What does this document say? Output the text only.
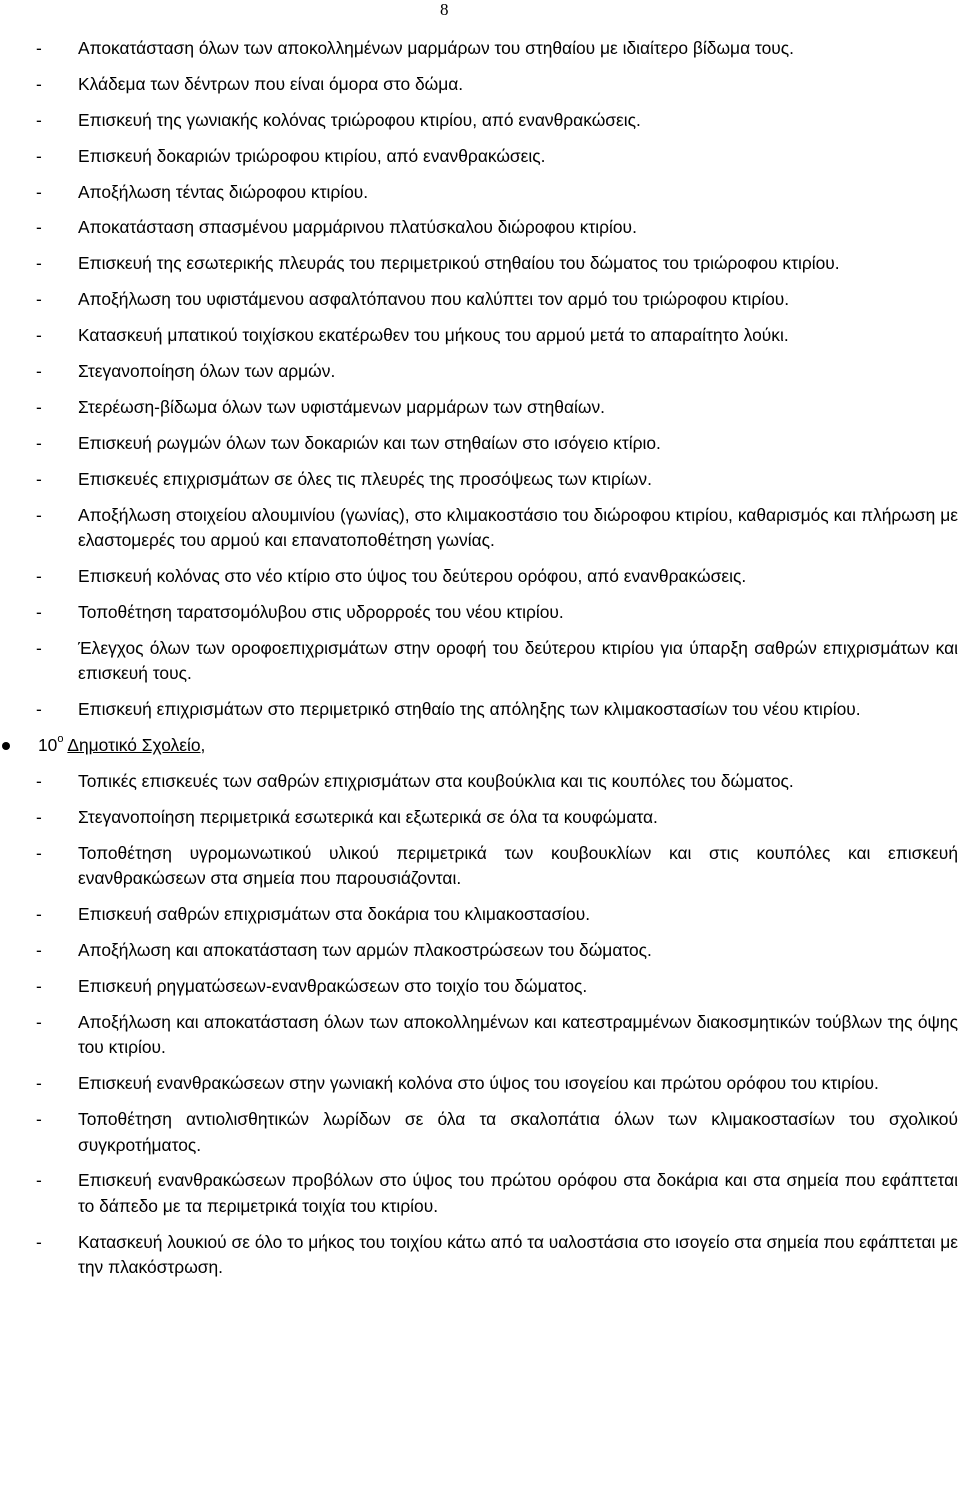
8
- Αποκατάσταση όλων των αποκολλημένων μαρμάρων του στηθαίου με ιδιαίτερο βίδωμα τους.
- Κλάδεμα των δέντρων που είναι όμορα στο δώμα.
- Επισκευή της γωνιακής κολόνας τριώροφου κτιρίου, από ενανθρακώσεις.
- Επισκευή δοκαριών τριώροφου κτιρίου, από ενανθρακώσεις.
- Αποξήλωση τέντας διώροφου κτιρίου.
- Αποκατάσταση σπασμένου μαρμάρινου πλατύσκαλου διώροφου κτιρίου.
- Επισκευή της εσωτερικής πλευράς του περιμετρικού στηθαίου του δώματος του τριώροφου κτιρίου.
- Αποξήλωση του υφιστάμενου ασφαλτόπανου που καλύπτει τον αρμό του τριώροφου κτιρίου.
- Κατασκευή μπατικού τοιχίσκου εκατέρωθεν του μήκους του αρμού μετά το απαραίτητο λούκι.
- Στεγανοποίηση όλων των αρμών.
- Στερέωση-βίδωμα όλων των υφιστάμενων μαρμάρων των στηθαίων.
- Επισκευή ρωγμών όλων των δοκαριών και των στηθαίων στο ισόγειο κτίριο.
- Επισκευές επιχρισμάτων σε όλες τις πλευρές της προσόψεως των κτιρίων.
- Αποξήλωση στοιχείου αλουμινίου (γωνίας), στο κλιμακοστάσιο του διώροφου κτιρίου, καθαρισμός και πλήρωση με ελαστομερές του αρμού και επανατοποθέτηση γωνίας.
- Επισκευή κολόνας στο νέο κτίριο στο ύψος του δεύτερου ορόφου, από ενανθρακώσεις.
- Τοποθέτηση ταρατσομόλυβου στις υδρορροές του νέου κτιρίου.
- Έλεγχος όλων των οροφοεπιχρισμάτων στην οροφή του δεύτερου κτιρίου για ύπαρξη σαθρών επιχρισμάτων και επισκευή τους.
- Επισκευή επιχρισμάτων στο περιμετρικό στηθαίο της απόληξης των κλιμακοστασίων του νέου κτιρίου.
$10^o$ Δημοτικό Σχολείο,
- Τοπικές επισκευές των σαθρών επιχρισμάτων στα κουβούκλια και τις κουπόλες του δώματος.
- Στεγανοποίηση περιμετρικά εσωτερικά και εξωτερικά σε όλα τα κουφώματα.
- Τοποθέτηση υγρομωνωτικού υλικού περιμετρικά των κουβουκλίων και στις κουπόλες και επισκευή ενανθρακώσεων στα σημεία που παρουσιάζονται.
- Επισκευή σαθρών επιχρισμάτων στα δοκάρια του κλιμακοστασίου.
- Αποξήλωση και αποκατάσταση των αρμών πλακοστρώσεων του δώματος.
- Επισκευή ρηγματώσεων-ενανθρακώσεων στο τοιχίο του δώματος.
- Αποξήλωση και αποκατάσταση όλων των αποκολλημένων και κατεστραμμένων διακοσμητικών τούβλων της όψης του κτιρίου.
- Επισκευή ενανθρακώσεων στην γωνιακή κολόνα στο ύψος του ισογείου και πρώτου ορόφου του κτιρίου.
- Τοποθέτηση αντιολισθητικών λωρίδων σε όλα τα σκαλοπάτια όλων των κλιμακοστασίων του σχολικού συγκροτήματος.
- Επισκευή ενανθρακώσεων προβόλων στο ύψος του πρώτου ορόφου στα δοκάρια και στα σημεία που εφάπτεται το δάπεδο με τα περιμετρικά τοιχία του κτιρίου.
- Κατασκευή λουκιού σε όλο το μήκος του τοιχίου κάτω από τα υαλοστάσια στο ισογείο στα σημεία που εφάπτεται με την πλακόστρωση.
